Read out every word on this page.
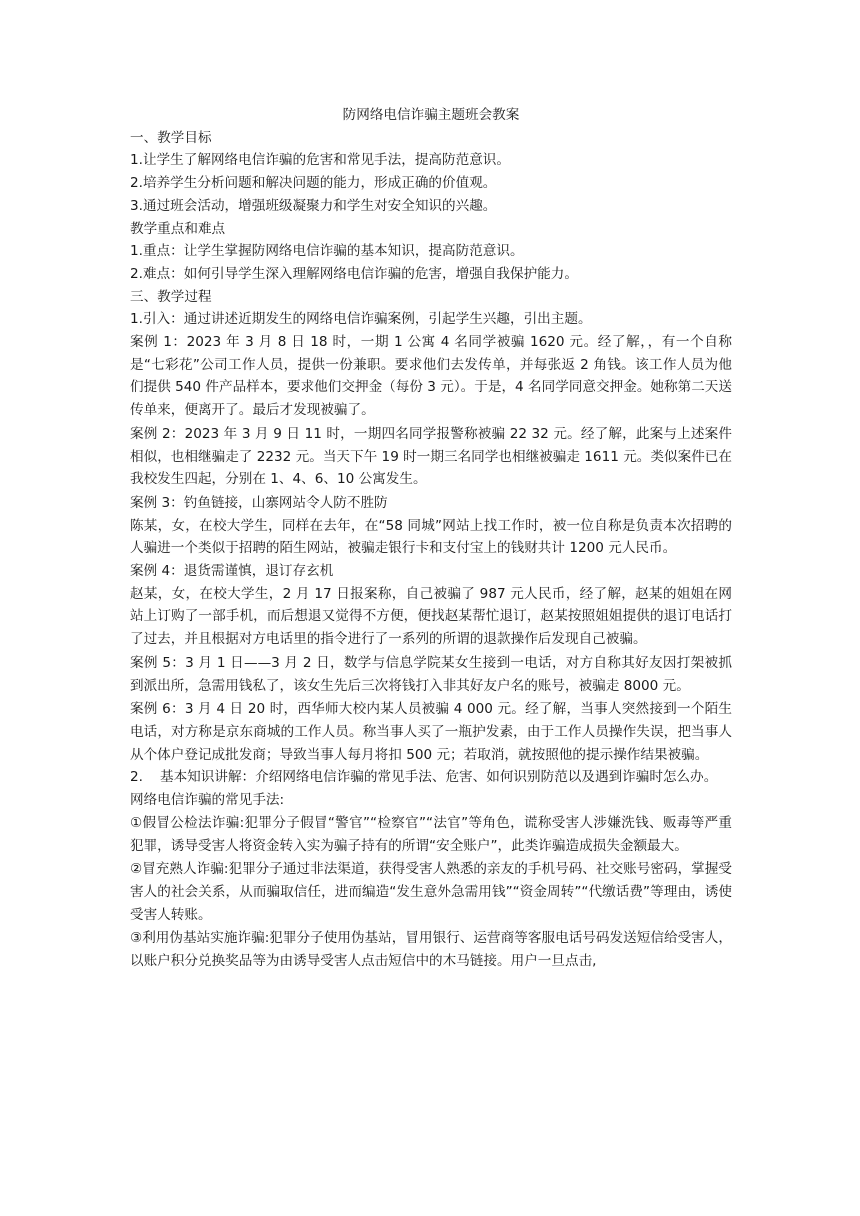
防网络电信诈骗主题班会教案

一、教学目标

1.让学生了解网络电信诈骗的危害和常见手法，提高防范意识。

2.培养学生分析问题和解决问题的能力，形成正确的价值观。

3.通过班会活动，增强班级凝聚力和学生对安全知识的兴趣。

教学重点和难点

1.重点：让学生掌握防网络电信诈骗的基本知识，提高防范意识。

2.难点：如何引导学生深入理解网络电信诈骗的危害，增强自我保护能力。

三、教学过程

1.引入：通过讲述近期发生的网络电信诈骗案例，引起学生兴趣，引出主题。

案例 1：2023 年 3 月 8 日 18 时，一期 1 公寓 4 名同学被骗 1620 元。经了解，，有一个自称是“七彩花”公司工作人员，提供一份兼职。要求他们去发传单，并每张返 2 角钱。该工作人员为他们提供 540 件产品样本，要求他们交押金（每份 3 元）。于是，4 名同学同意交押金。她称第二天送传单来，便离开了。最后才发现被骗了。

案例 2：2023 年 3 月 9 日 11 时，一期四名同学报警称被骗 22 32 元。经了解，此案与上述案件相似，也相继骗走了 2232 元。当天下午 19 时一期三名同学也相继被骗走 1611 元。类似案件已在我校发生四起，分别在 1、4、6、10 公寓发生。

案例 3：钓鱼链接，山寨网站令人防不胜防

陈某，女，在校大学生，同样在去年，在“58 同城”网站上找工作时，被一位自称是负责本次招聘的人骗进一个类似于招聘的陌生网站，被骗走银行卡和支付宝上的钱财共计 1200 元人民币。

案例 4：退货需谨慎，退订存玄机

赵某，女，在校大学生，2 月 17 日报案称，自己被骗了 987 元人民币，经了解，赵某的姐姐在网站上订购了一部手机，而后想退又觉得不方便，便找赵某帮忙退订，赵某按照姐姐提供的退订电话打了过去，并且根据对方电话里的指令进行了一系列的所谓的退款操作后发现自己被骗。

案例 5：3 月 1 日——3 月 2 日，数学与信息学院某女生接到一电话，对方自称其好友因打架被抓到派出所，急需用钱私了，该女生先后三次将钱打入非其好友户名的账号，被骗走 8000 元。

案例 6：3 月 4 日 20 时，西华师大校内某人员被骗 4 000 元。经了解，当事人突然接到一个陌生电话，对方称是京东商城的工作人员。称当事人买了一瓶护发素，由于工作人员操作失误，把当事人从个体户登记成批发商；导致当事人每月将扣 500 元；若取消，就按照他的提示操作结果被骗。

2.	基本知识讲解：介绍网络电信诈骗的常见手法、危害、如何识别防范以及遇到诈骗时怎么办。

网络电信诈骗的常见手法:

①假冒公检法诈骗:犯罪分子假冒“警官”“检察官”“法官”等角色，谎称受害人涉嫌洗钱、贩毒等严重犯罪，诱导受害人将资金转入实为骗子持有的所谓“安全账户”，此类诈骗造成损失金额最大。

②冒充熟人诈骗:犯罪分子通过非法渠道，获得受害人熟悉的亲友的手机号码、社交账号密码，掌握受害人的社会关系，从而骗取信任，进而编造“发生意外急需用钱”“资金周转”“代缴话费”等理由，诱使受害人转账。

③利用伪基站实施诈骗:犯罪分子使用伪基站，冒用银行、运营商等客服电话号码发送短信给受害人，以账户积分兑换奖品等为由诱导受害人点击短信中的木马链接。用户一旦点击,
